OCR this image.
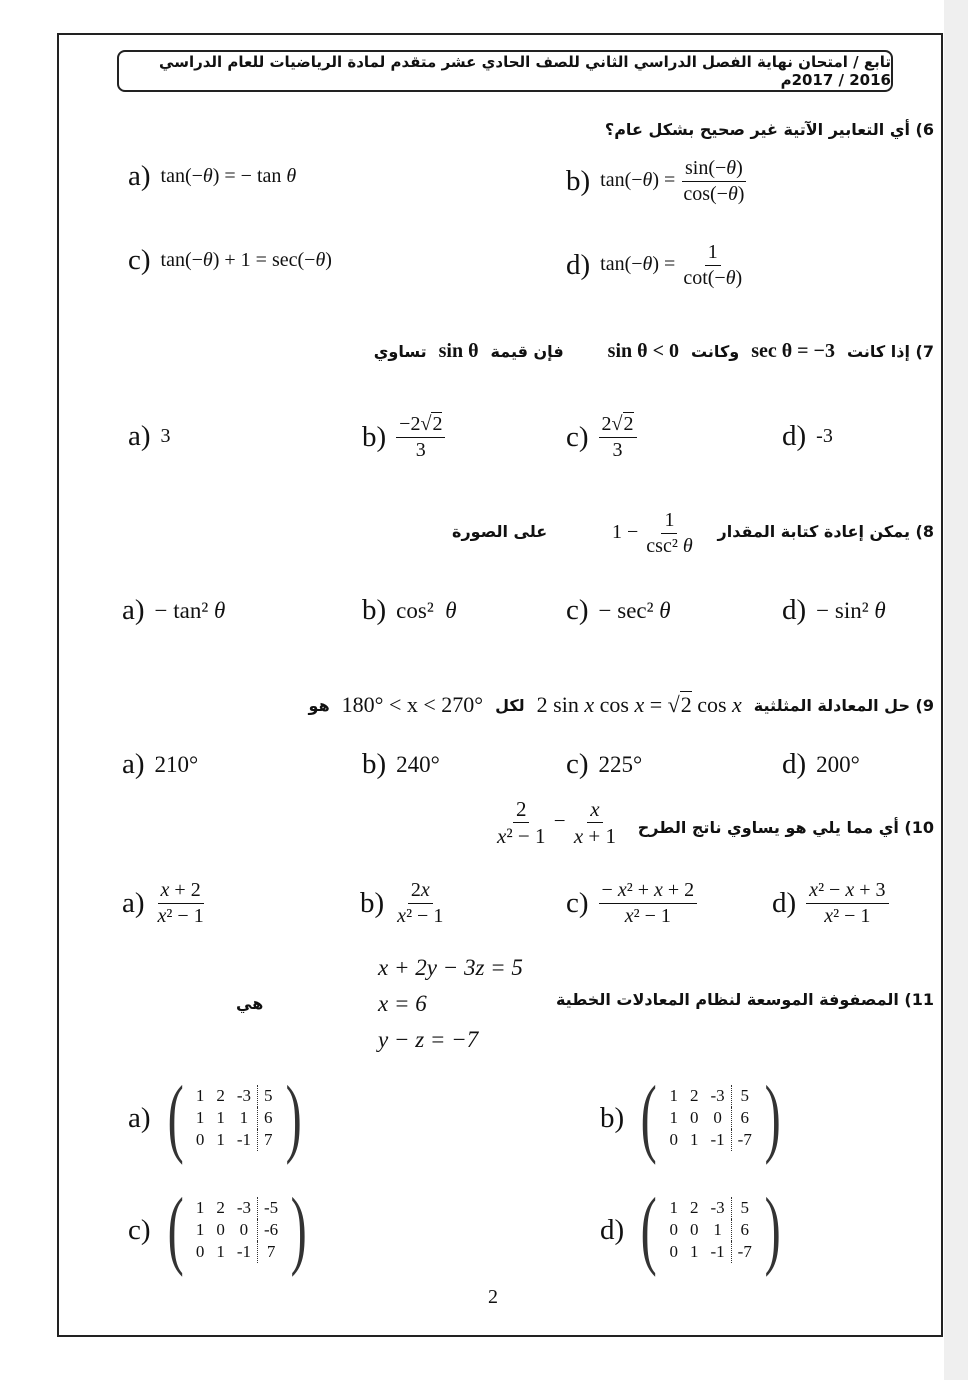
تابع / امتحان نهاية الفصل الدراسي الثاني للصف الحادي عشر متقدم لمادة الرياضيات للعام الدراسي 2016 / 2017م
6) أي التعابير الآتية غير صحيح بشكل عام؟
a) tan(−θ) = − tan θ	b) $\tan(-\theta) = \frac{\sin(-\theta)}{\cos(-\theta)}$
c) tan(−θ) + 1 = sec(−θ)	d) $\tan(-\theta) = \frac{1}{\cot(-\theta)}$
7) إذا كانت
sec θ = −3
وكانت
sin θ < 0
فإن قيمة
sin θ
تساوي
a) 3	$b) \frac{-2√2}{3}$	$c) \frac{2√2}{3}$	d) -3
8) يمكن إعادة كتابة المقدار
$1 - \frac{1}{\text{csc² θ}}$
على الصورة
a) − tan² θ	b) cos²  θ	c) − sec² θ	d) − sin² θ
9) حل المعادلة المثلثية
2 sin x cos x = √2 cos x
لكل
180° < x < 270°
هو
a) 210°	b) 240°	c) 225°	d) 200°
10) أي مما يلي هو يساوي ناتج الطرح
$\frac{2}{\text{x² − 1}} - \frac{x}{x + 1}$
$a) \frac{x + 2}{\text{x² − 1}}$	$b) \frac{2x}{\text{x² − 1}}$	$c) \frac{\text{− x² + x + 2}}{\text{x² − 1}}$	$d) \frac{\text{x² − x + 3}}{\text{x² − 1}}$
x + 2y − 3z = 5
x = 6
y − z = −7
11) المصفوفة الموسعة لنظام المعادلات الخطية
هي
a) ( 1	2	-3	5
1	1	1	6
0	1	-1	7 )	b) ( 1	2	-3	5
1	0	0	6
0	1	-1	-7 )
c) ( 1	2	-3	-5
1	0	0	-6
0	1	-1	7 )	d) ( 1	2	-3	5
0	0	1	6
0	1	-1	-7 )
2
